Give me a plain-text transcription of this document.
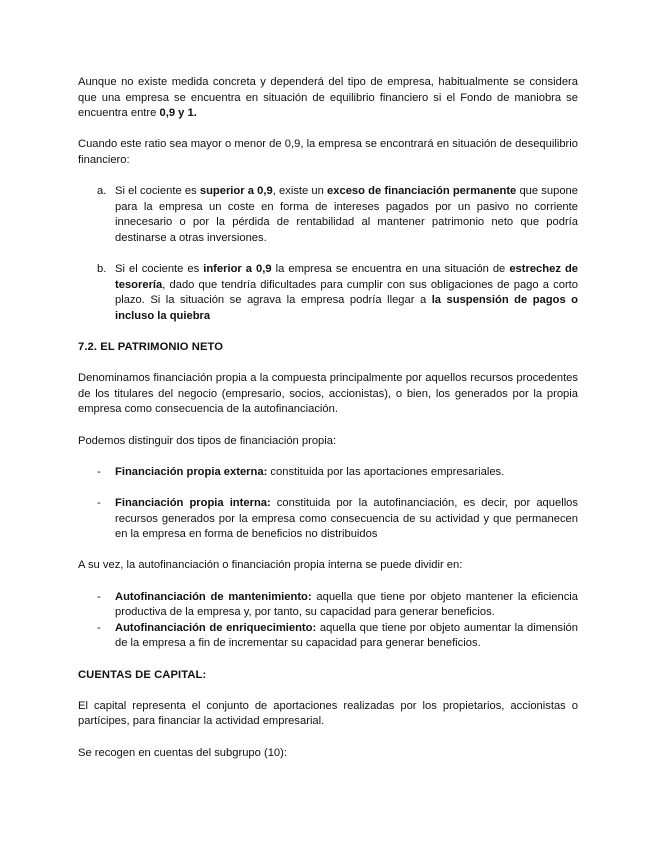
Aunque no existe medida concreta y dependerá del tipo de empresa, habitualmente se considera que una empresa se encuentra en situación de equilibrio financiero si el Fondo de maniobra se encuentra entre 0,9 y 1.

Cuando este ratio sea mayor o menor de 0,9, la empresa se encontrará en situación de desequilibrio financiero:

a. Si el cociente es superior a 0,9, existe un exceso de financiación permanente que supone para la empresa un coste en forma de intereses pagados por un pasivo no corriente innecesario o por la pérdida de rentabilidad al mantener patrimonio neto que podría destinarse a otras inversiones.
b. Si el cociente es inferior a 0,9 la empresa se encuentra en una situación de estrechez de tesorería, dado que tendría dificultades para cumplir con sus obligaciones de pago a corto plazo. Si la situación se agrava la empresa podría llegar a la suspensión de pagos o incluso la quiebra

7.2. EL PATRIMONIO NETO

Denominamos financiación propia a la compuesta principalmente por aquellos recursos procedentes de los titulares del negocio (empresario, socios, accionistas), o bien, los generados por la propia empresa como consecuencia de la autofinanciación.

Podemos distinguir dos tipos de financiación propia:

- Financiación propia externa: constituida por las aportaciones empresariales.
- Financiación propia interna: constituida por la autofinanciación, es decir, por aquellos recursos generados por la empresa como consecuencia de su actividad y que permanecen en la empresa en forma de beneficios no distribuidos

A su vez, la autofinanciación o financiación propia interna se puede dividir en:

- Autofinanciación de mantenimiento: aquella que tiene por objeto mantener la eficiencia productiva de la empresa y, por tanto, su capacidad para generar beneficios.
- Autofinanciación de enriquecimiento: aquella que tiene por objeto aumentar la dimensión de la empresa a fin de incrementar su capacidad para generar beneficios.

CUENTAS DE CAPITAL:

El capital representa el conjunto de aportaciones realizadas por los propietarios, accionistas o partícipes, para financiar la actividad empresarial.

Se recogen en cuentas del subgrupo (10):
